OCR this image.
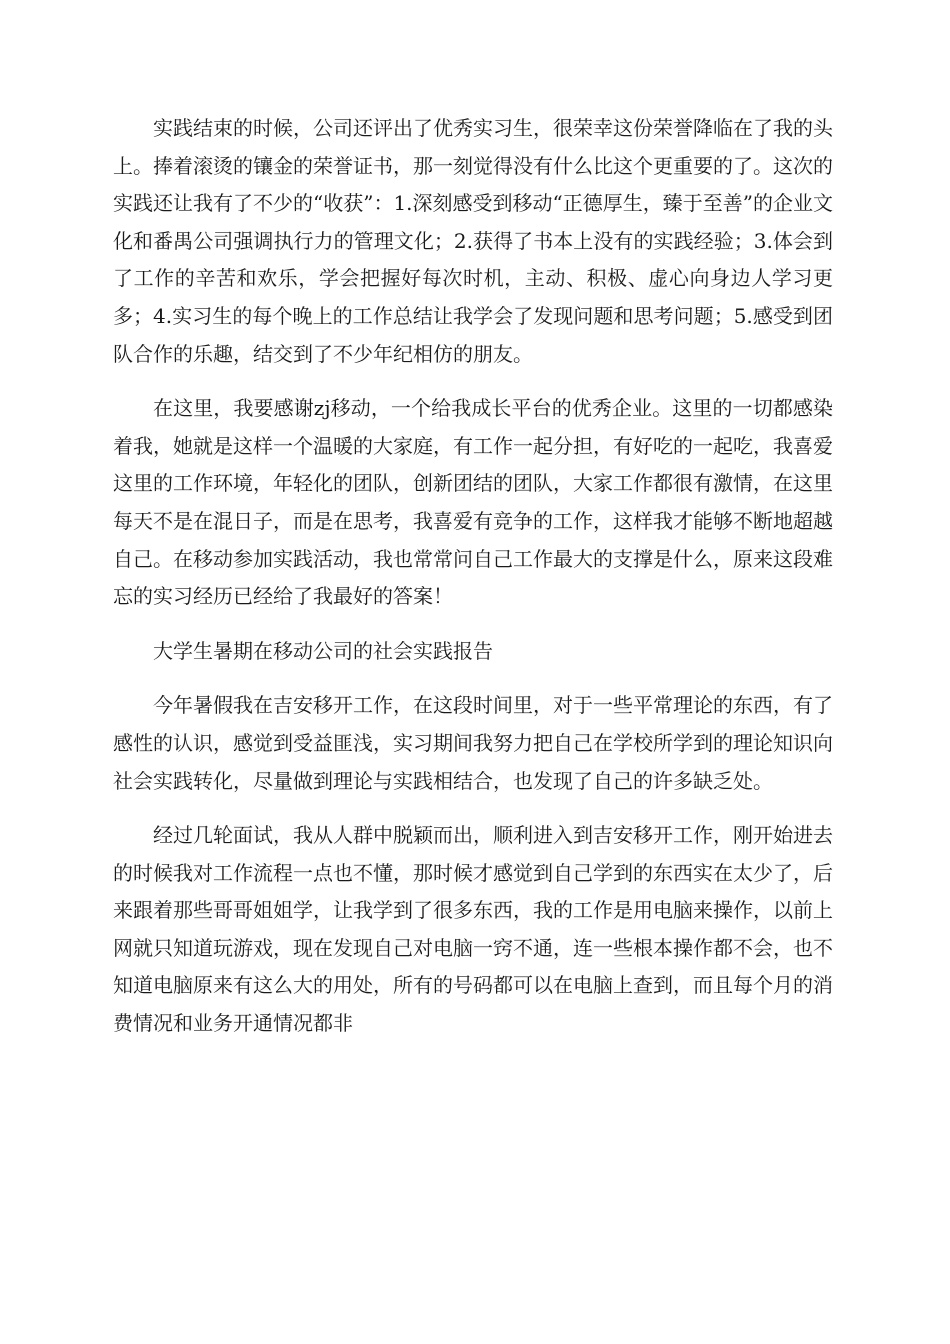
实践结束的时候，公司还评出了优秀实习生，很荣幸这份荣誉降临在了我的头上。捧着滚烫的镶金的荣誉证书，那一刻觉得没有什么比这个更重要的了。这次的实践还让我有了不少的“收获”：1.深刻感受到移动“正德厚生，臻于至善”的企业文化和番禺公司强调执行力的管理文化；2.获得了书本上没有的实践经验；3.体会到了工作的辛苦和欢乐，学会把握好每次时机，主动、积极、虚心向身边人学习更多；4.实习生的每个晚上的工作总结让我学会了发现问题和思考问题；5.感受到团队合作的乐趣，结交到了不少年纪相仿的朋友。

在这里，我要感谢zj移动，一个给我成长平台的优秀企业。这里的一切都感染着我，她就是这样一个温暖的大家庭，有工作一起分担，有好吃的一起吃，我喜爱这里的工作环境，年轻化的团队，创新团结的团队，大家工作都很有激情，在这里每天不是在混日子，而是在思考，我喜爱有竞争的工作，这样我才能够不断地超越自己。在移动参加实践活动，我也常常问自己工作最大的支撑是什么，原来这段难忘的实习经历已经给了我最好的答案！

大学生暑期在移动公司的社会实践报告

今年暑假我在吉安移开工作，在这段时间里，对于一些平常理论的东西，有了感性的认识，感觉到受益匪浅，实习期间我努力把自己在学校所学到的理论知识向社会实践转化，尽量做到理论与实践相结合，也发现了自己的许多缺乏处。

经过几轮面试，我从人群中脱颖而出，顺利进入到吉安移开工作，刚开始进去的时候我对工作流程一点也不懂，那时候才感觉到自己学到的东西实在太少了，后来跟着那些哥哥姐姐学，让我学到了很多东西，我的工作是用电脑来操作，以前上网就只知道玩游戏，现在发现自己对电脑一窍不通，连一些根本操作都不会，也不知道电脑原来有这么大的用处，所有的号码都可以在电脑上查到，而且每个月的消费情况和业务开通情况都非
